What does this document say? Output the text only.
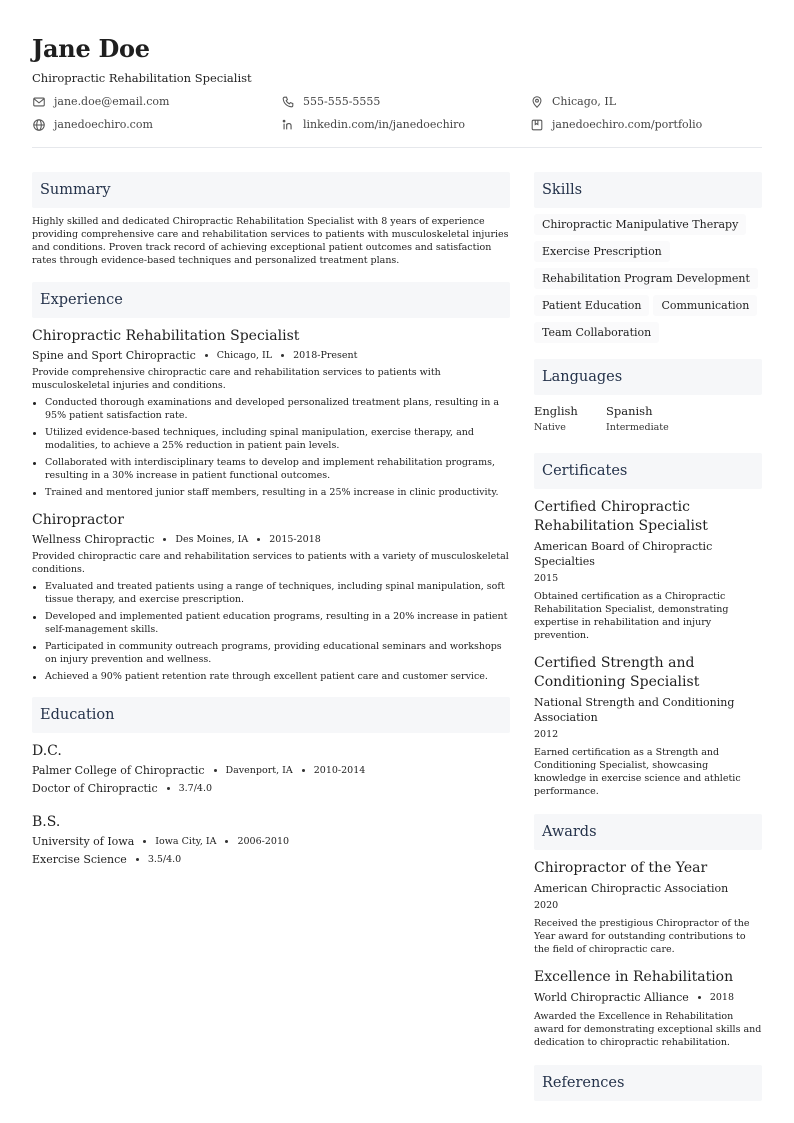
Jane Doe
Chiropractic Rehabilitation Specialist
jane.doe@email.com	555-555-5555	Chicago, IL
janedoechiro.com	linkedin.com/in/janedoechiro	janedoechiro.com/portfolio
Summary
Highly skilled and dedicated Chiropractic Rehabilitation Specialist with 8 years of experience providing comprehensive care and rehabilitation services to patients with musculoskeletal injuries and conditions. Proven track record of achieving exceptional patient outcomes and satisfaction rates through evidence-based techniques and personalized treatment plans.
Experience
Chiropractic Rehabilitation Specialist
Spine and Sport Chiropractic Chicago, IL 2018-Present
Provide comprehensive chiropractic care and rehabilitation services to patients with musculoskeletal injuries and conditions.
Conducted thorough examinations and developed personalized treatment plans, resulting in a 95% patient satisfaction rate.
Utilized evidence-based techniques, including spinal manipulation, exercise therapy, and modalities, to achieve a 25% reduction in patient pain levels.
Collaborated with interdisciplinary teams to develop and implement rehabilitation programs, resulting in a 30% increase in patient functional outcomes.
Trained and mentored junior staff members, resulting in a 25% increase in clinic productivity.
Chiropractor
Wellness Chiropractic Des Moines, IA 2015-2018
Provided chiropractic care and rehabilitation services to patients with a variety of musculoskeletal conditions.
Evaluated and treated patients using a range of techniques, including spinal manipulation, soft tissue therapy, and exercise prescription.
Developed and implemented patient education programs, resulting in a 20% increase in patient self-management skills.
Participated in community outreach programs, providing educational seminars and workshops on injury prevention and wellness.
Achieved a 90% patient retention rate through excellent patient care and customer service.
Education
D.C.
Palmer College of Chiropractic Davenport, IA 2010-2014
Doctor of Chiropractic 3.7/4.0
B.S.
University of Iowa Iowa City, IA 2006-2010
Exercise Science 3.5/4.0
Skills
Chiropractic Manipulative Therapy
Exercise Prescription
Rehabilitation Program Development
Patient Education	Communication
Team Collaboration
Languages
English
Native
Spanish
Intermediate
Certificates
Certified Chiropractic Rehabilitation Specialist
American Board of Chiropractic Specialties
2015
Obtained certification as a Chiropractic Rehabilitation Specialist, demonstrating expertise in rehabilitation and injury prevention.
Certified Strength and Conditioning Specialist
National Strength and Conditioning Association
2012
Earned certification as a Strength and Conditioning Specialist, showcasing knowledge in exercise science and athletic performance.
Awards
Chiropractor of the Year
American Chiropractic Association
2020
Received the prestigious Chiropractor of the Year award for outstanding contributions to the field of chiropractic care.
Excellence in Rehabilitation
World Chiropractic Alliance 2018
Awarded the Excellence in Rehabilitation award for demonstrating exceptional skills and dedication to chiropractic rehabilitation.
References
